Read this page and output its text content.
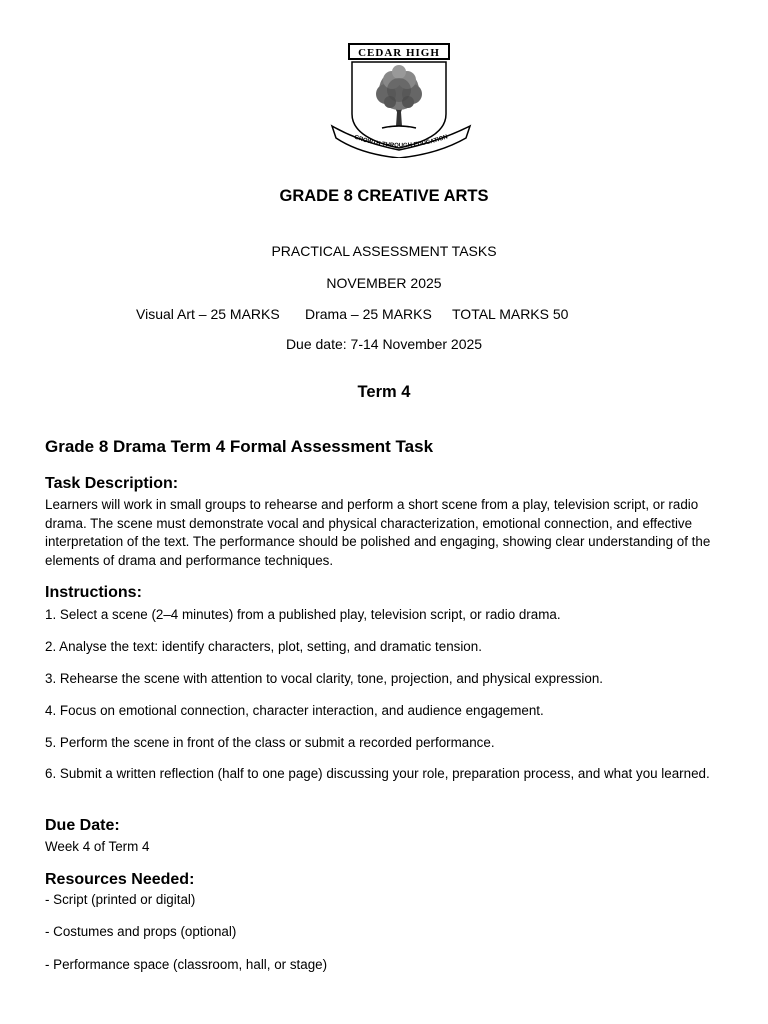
CEDAR HIGH
GROWTH THROUGH EDUCATION
GRADE 8 CREATIVE ARTS
PRACTICAL ASSESSMENT TASKS
NOVEMBER 2025
Visual Art – 25 MARKS Drama – 25 MARKS TOTAL MARKS 50
Due date: 7-14 November 2025
Term 4
Grade 8 Drama Term 4 Formal Assessment Task
Task Description:
Learners will work in small groups to rehearse and perform a short scene from a play, television script, or radio drama. The scene must demonstrate vocal and physical characterization, emotional connection, and effective interpretation of the text. The performance should be polished and engaging, showing clear understanding of the elements of drama and performance techniques.
Instructions:
1. Select a scene (2–4 minutes) from a published play, television script, or radio drama.
2. Analyse the text: identify characters, plot, setting, and dramatic tension.
3. Rehearse the scene with attention to vocal clarity, tone, projection, and physical expression.
4. Focus on emotional connection, character interaction, and audience engagement.
5. Perform the scene in front of the class or submit a recorded performance.
6. Submit a written reflection (half to one page) discussing your role, preparation process, and what you learned.
Due Date:
Week 4 of Term 4
Resources Needed:
- Script (printed or digital)
- Costumes and props (optional)
- Performance space (classroom, hall, or stage)
